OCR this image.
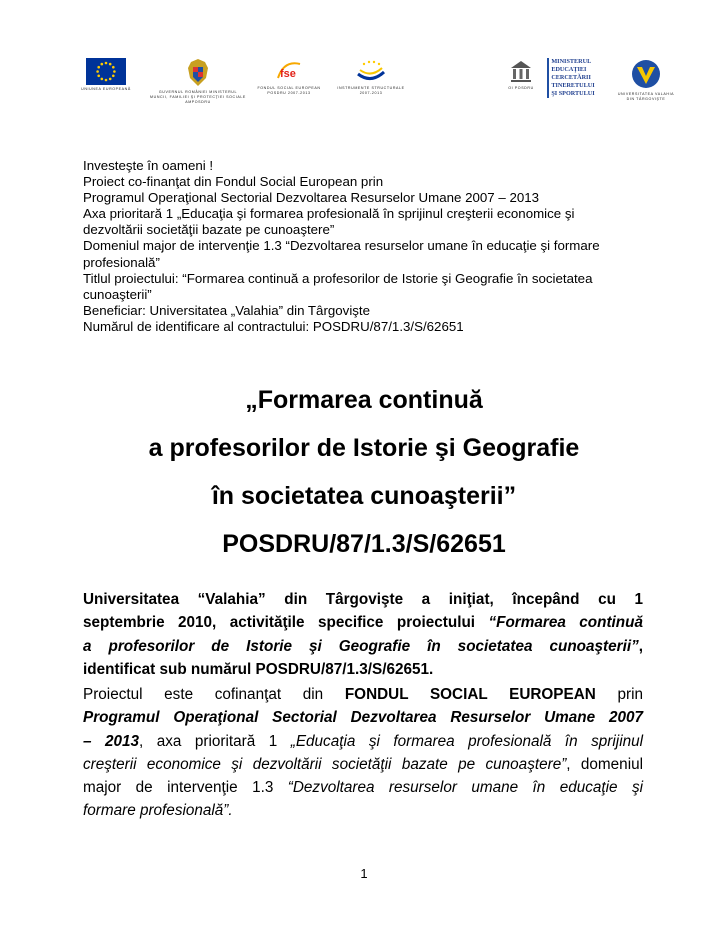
UNIUNEA EUROPEANĂ
GUVERNUL ROMÂNIEI MINISTERUL MUNCII, FAMILIEI ŞI PROTECŢIEI SOCIALE AMPOSDRU
fse
FONDUL SOCIAL EUROPEAN POSDRU 2007-2013
INSTRUMENTE STRUCTURALE 2007-2013
OI POSDRU
MINISTERUL
EDUCAŢIEI
CERCETĂRII
TINERETULUI
ŞI SPORTULUI	UNIVERSITATEA VALAHIA DIN TÂRGOVIŞTE
Investeşte în oameni !
Proiect co-finanţat din Fondul Social European prin
Programul Operaţional Sectorial Dezvoltarea Resurselor Umane 2007 – 2013
Axa prioritară 1 „Educaţia şi formarea profesională în sprijinul creşterii economice şi
dezvoltării societăţii bazate pe cunoaştere”
Domeniul major de intervenţie 1.3 “Dezvoltarea resurselor umane în educaţie şi formare
profesională”
Titlul proiectului: “Formarea continuă a profesorilor de Istorie şi Geografie în societatea
cunoaşterii”
Beneficiar: Universitatea „Valahia” din Târgovişte
Numărul de identificare al contractului: POSDRU/87/1.3/S/62651
„Formarea continuă
a profesorilor de Istorie şi Geografie
în societatea cunoaşterii”
POSDRU/87/1.3/S/62651
Universitatea “Valahia” din Târgovişte a iniţiat, începând cu 1
septembrie 2010, activităţile specifice proiectului “Formarea continuă
a profesorilor de Istorie şi Geografie în societatea cunoaşterii”,
identificat sub numărul POSDRU/87/1.3/S/62651.
Proiectul este cofinanţat din FONDUL SOCIAL EUROPEAN prin
Programul Operaţional Sectorial Dezvoltarea Resurselor Umane 2007
– 2013, axa prioritară 1 „Educaţia şi formarea profesională în sprijinul
creşterii economice şi dezvoltării societăţii bazate pe cunoaştere”, domeniul
major de intervenţie 1.3 “Dezvoltarea resurselor umane în educaţie şi
formare profesională”.
1
